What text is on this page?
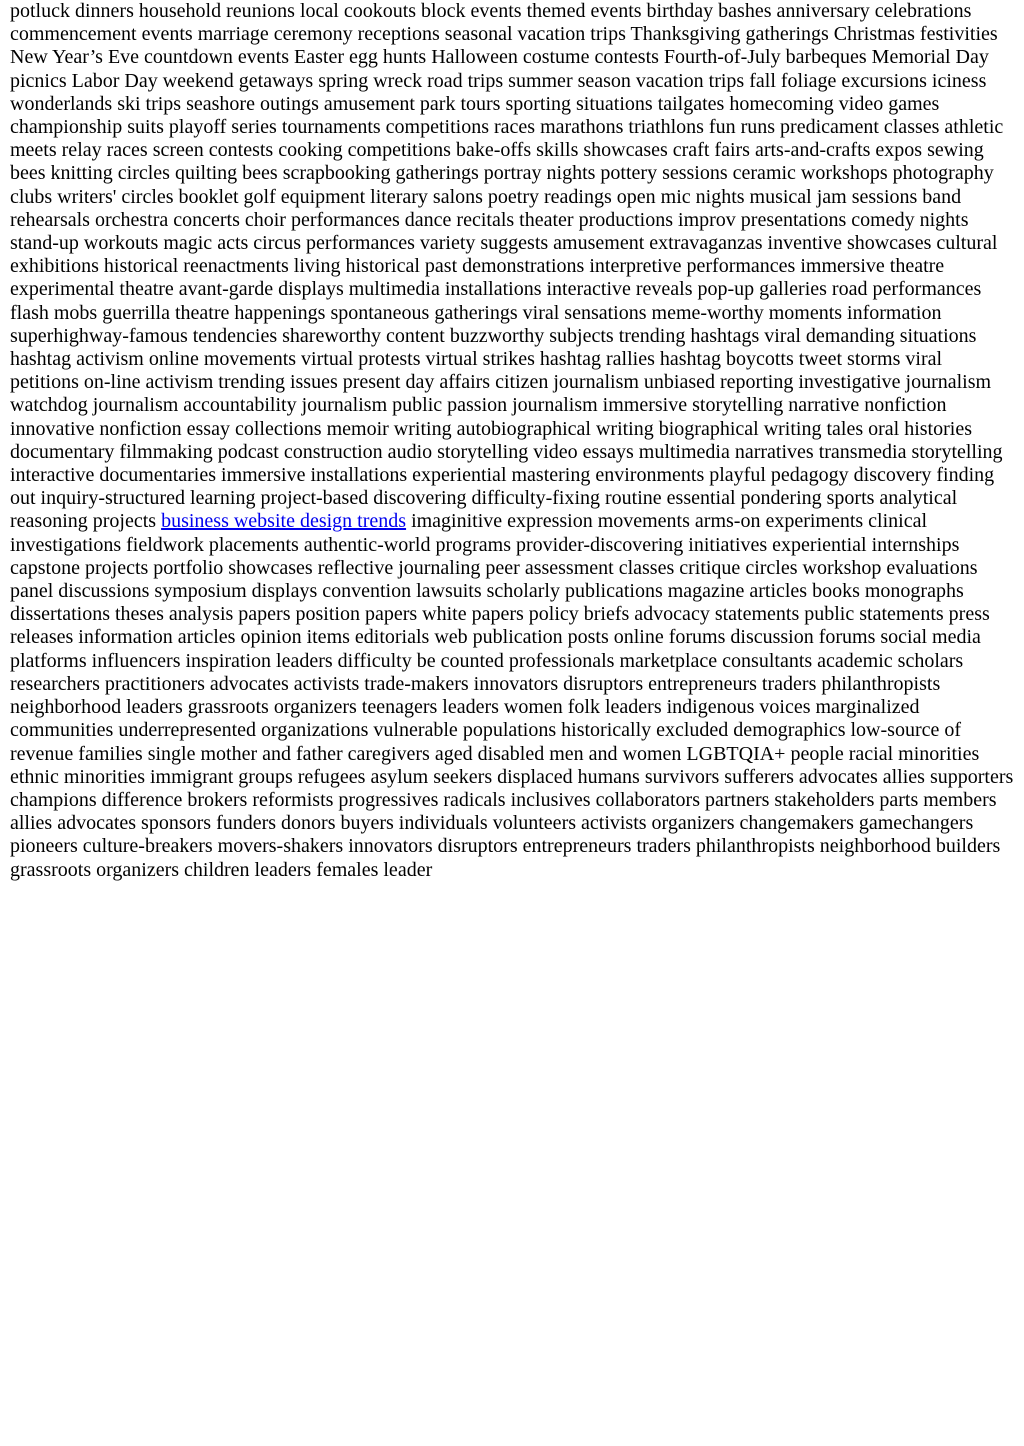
potluck dinners household reunions local cookouts block events themed events birthday bashes anniversary celebrations commencement events marriage ceremony receptions seasonal vacation trips Thanksgiving gatherings Christmas festivities New Year’s Eve countdown events Easter egg hunts Halloween costume contests Fourth-of-July barbeques Memorial Day picnics Labor Day weekend getaways spring wreck road trips summer season vacation trips fall foliage excursions iciness wonderlands ski trips seashore outings amusement park tours sporting situations tailgates homecoming video games championship suits playoff series tournaments competitions races marathons triathlons fun runs predicament classes athletic meets relay races screen contests cooking competitions bake-offs skills showcases craft fairs arts-and-crafts expos sewing bees knitting circles quilting bees scrapbooking gatherings portray nights pottery sessions ceramic workshops photography clubs writers' circles booklet golf equipment literary salons poetry readings open mic nights musical jam sessions band rehearsals orchestra concerts choir performances dance recitals theater productions improv presentations comedy nights stand-up workouts magic acts circus performances variety suggests amusement extravaganzas inventive showcases cultural exhibitions historical reenactments living historical past demonstrations interpretive performances immersive theatre experimental theatre avant-garde displays multimedia installations interactive reveals pop-up galleries road performances flash mobs guerrilla theatre happenings spontaneous gatherings viral sensations meme-worthy moments information superhighway-famous tendencies shareworthy content buzzworthy subjects trending hashtags viral demanding situations hashtag activism online movements virtual protests virtual strikes hashtag rallies hashtag boycotts tweet storms viral petitions on-line activism trending issues present day affairs citizen journalism unbiased reporting investigative journalism watchdog journalism accountability journalism public passion journalism immersive storytelling narrative nonfiction innovative nonfiction essay collections memoir writing autobiographical writing biographical writing tales oral histories documentary filmmaking podcast construction audio storytelling video essays multimedia narratives transmedia storytelling interactive documentaries immersive installations experiential mastering environments playful pedagogy discovery finding out inquiry-structured learning project-based discovering difficulty-fixing routine essential pondering sports analytical reasoning projects business website design trends imaginitive expression movements arms-on experiments clinical investigations fieldwork placements authentic-world programs provider-discovering initiatives experiential internships capstone projects portfolio showcases reflective journaling peer assessment classes critique circles workshop evaluations panel discussions symposium displays convention lawsuits scholarly publications magazine articles books monographs dissertations theses analysis papers position papers white papers policy briefs advocacy statements public statements press releases information articles opinion items editorials web publication posts online forums discussion forums social media platforms influencers inspiration leaders difficulty be counted professionals marketplace consultants academic scholars researchers practitioners advocates activists trade-makers innovators disruptors entrepreneurs traders philanthropists neighborhood leaders grassroots organizers teenagers leaders women folk leaders indigenous voices marginalized communities underrepresented organizations vulnerable populations historically excluded demographics low-source of revenue families single mother and father caregivers aged disabled men and women LGBTQIA+ people racial minorities ethnic minorities immigrant groups refugees asylum seekers displaced humans survivors sufferers advocates allies supporters champions difference brokers reformists progressives radicals inclusives collaborators partners stakeholders parts members allies advocates sponsors funders donors buyers individuals volunteers activists organizers changemakers gamechangers pioneers culture-breakers movers-shakers innovators disruptors entrepreneurs traders philanthropists neighborhood builders grassroots organizers children leaders females leader
